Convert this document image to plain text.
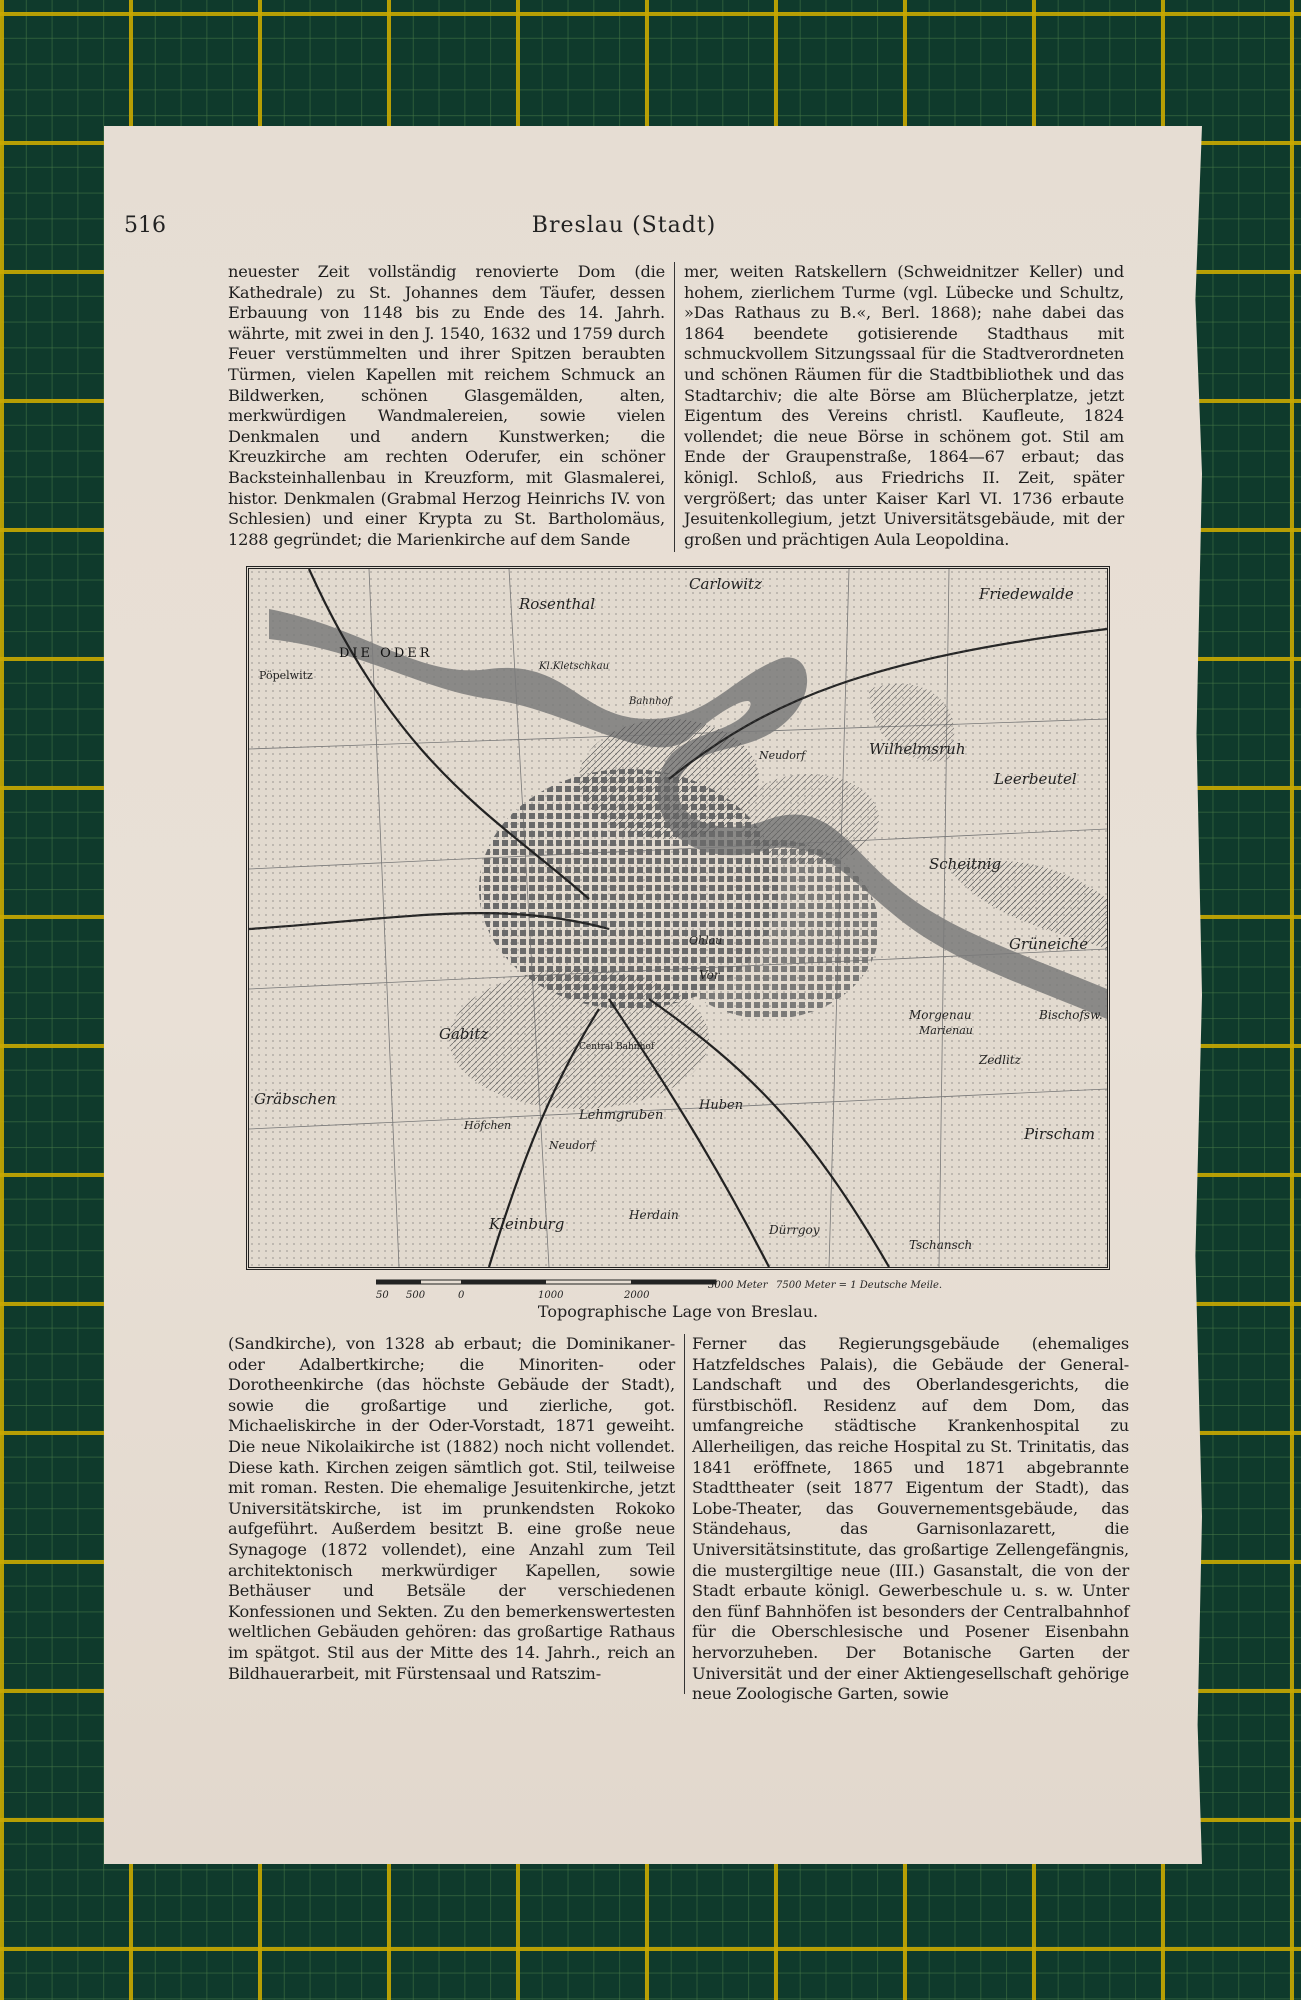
516	Breslau (Stadt)

neuester Zeit vollständig renovierte Dom (die Kathedrale) zu St. Johannes dem Täufer, dessen Erbauung von 1148 bis zu Ende des 14. Jahrh. währte, mit zwei in den J. 1540, 1632 und 1759 durch Feuer verstümmelten und ihrer Spitzen beraubten Türmen, vielen Kapellen mit reichem Schmuck an Bildwerken, schönen Glasgemälden, alten, merkwürdigen Wandmalereien, sowie vielen Denkmalen und andern Kunstwerken; die Kreuzkirche am rechten Oderufer, ein schöner Backsteinhallenbau in Kreuzform, mit Glasmalerei, histor. Denkmalen (Grabmal Herzog Heinrichs IV. von Schlesien) und einer Krypta zu St. Bartholomäus, 1288 gegründet; die Marienkirche auf dem Sande

mer, weiten Ratskellern (Schweidnitzer Keller) und hohem, zierlichem Turme (vgl. Lübecke und Schultz, »Das Rathaus zu B.«, Berl. 1868); nahe dabei das 1864 beendete gotisierende Stadthaus mit schmuckvollem Sitzungssaal für die Stadtverordneten und schönen Räumen für die Stadtbibliothek und das Stadtarchiv; die alte Börse am Blücherplatze, jetzt Eigentum des Vereins christl. Kaufleute, 1824 vollendet; die neue Börse in schönem got. Stil am Ende der Graupenstraße, 1864—67 erbaut; das königl. Schloß, aus Friedrichs II. Zeit, später vergrößert; das unter Kaiser Karl VI. 1736 erbaute Jesuitenkollegium, jetzt Universitätsgebäude, mit der großen und prächtigen Aula Leopoldina.

Carlowitz
Friedewalde
Rosenthal
Pöpelwitz
DIE ODER
Kl.Kletschkau
Bahnhof
Neudorf	Wilhelmsruh
Leerbeutel
Scheitnig
Grüneiche
Ohlau
Vor
Gabitz
Gräbschen
Morgenau
Marienau
Zedlitz
Bischofsw.
Pirscham
Lehmgruben
Huben
Neudorf
Kleinburg	Herdain
Dürrgoy
Tschansch
Höfchen
Central Bahnhof
50 500	0	1000	2000
3000 Meter 7500 Meter = 1 Deutsche Meile.
Topographische Lage von Breslau.

(Sandkirche), von 1328 ab erbaut; die Dominikaner- oder Adalbertkirche; die Minoriten- oder Dorotheenkirche (das höchste Gebäude der Stadt), sowie die großartige und zierliche, got. Michaeliskirche in der Oder-Vorstadt, 1871 geweiht. Die neue Nikolaikirche ist (1882) noch nicht vollendet. Diese kath. Kirchen zeigen sämtlich got. Stil, teilweise mit roman. Resten. Die ehemalige Jesuitenkirche, jetzt Universitätskirche, ist im prunkendsten Rokoko aufgeführt. Außerdem besitzt B. eine große neue Synagoge (1872 vollendet), eine Anzahl zum Teil architektonisch merkwürdiger Kapellen, sowie Bethäuser und Betsäle der verschiedenen Konfessionen und Sekten. Zu den bemerkenswertesten weltlichen Gebäuden gehören: das großartige Rathaus im spätgot. Stil aus der Mitte des 14. Jahrh., reich an Bildhauerarbeit, mit Fürstensaal und Ratszim-

Ferner das Regierungsgebäude (ehemaliges Hatzfeldsches Palais), die Gebäude der General-Landschaft und des Oberlandesgerichts, die fürstbischöfl. Residenz auf dem Dom, das umfangreiche städtische Krankenhospital zu Allerheiligen, das reiche Hospital zu St. Trinitatis, das 1841 eröffnete, 1865 und 1871 abgebrannte Stadttheater (seit 1877 Eigentum der Stadt), das Lobe-Theater, das Gouvernementsgebäude, das Ständehaus, das Garnisonlazarett, die Universitätsinstitute, das großartige Zellengefängnis, die mustergiltige neue (III.) Gasanstalt, die von der Stadt erbaute königl. Gewerbeschule u. s. w. Unter den fünf Bahnhöfen ist besonders der Centralbahnhof für die Oberschlesische und Posener Eisenbahn hervorzuheben. Der Botanische Garten der Universität und der einer Aktiengesellschaft gehörige neue Zoologische Garten, sowie
